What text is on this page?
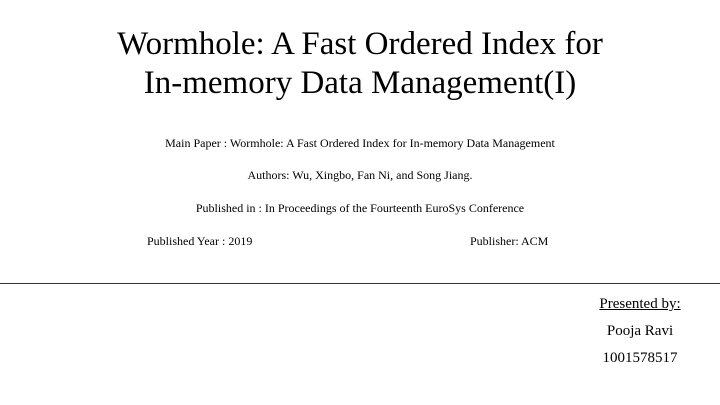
Wormhole: A Fast Ordered Index for
In-memory Data Management(I)
Main Paper : Wormhole: A Fast Ordered Index for In-memory Data Management
Authors: Wu, Xingbo, Fan Ni, and Song Jiang.
Published in : In Proceedings of the Fourteenth EuroSys Conference
Published Year : 2019	Publisher: ACM
Presented by:
Pooja Ravi
1001578517
